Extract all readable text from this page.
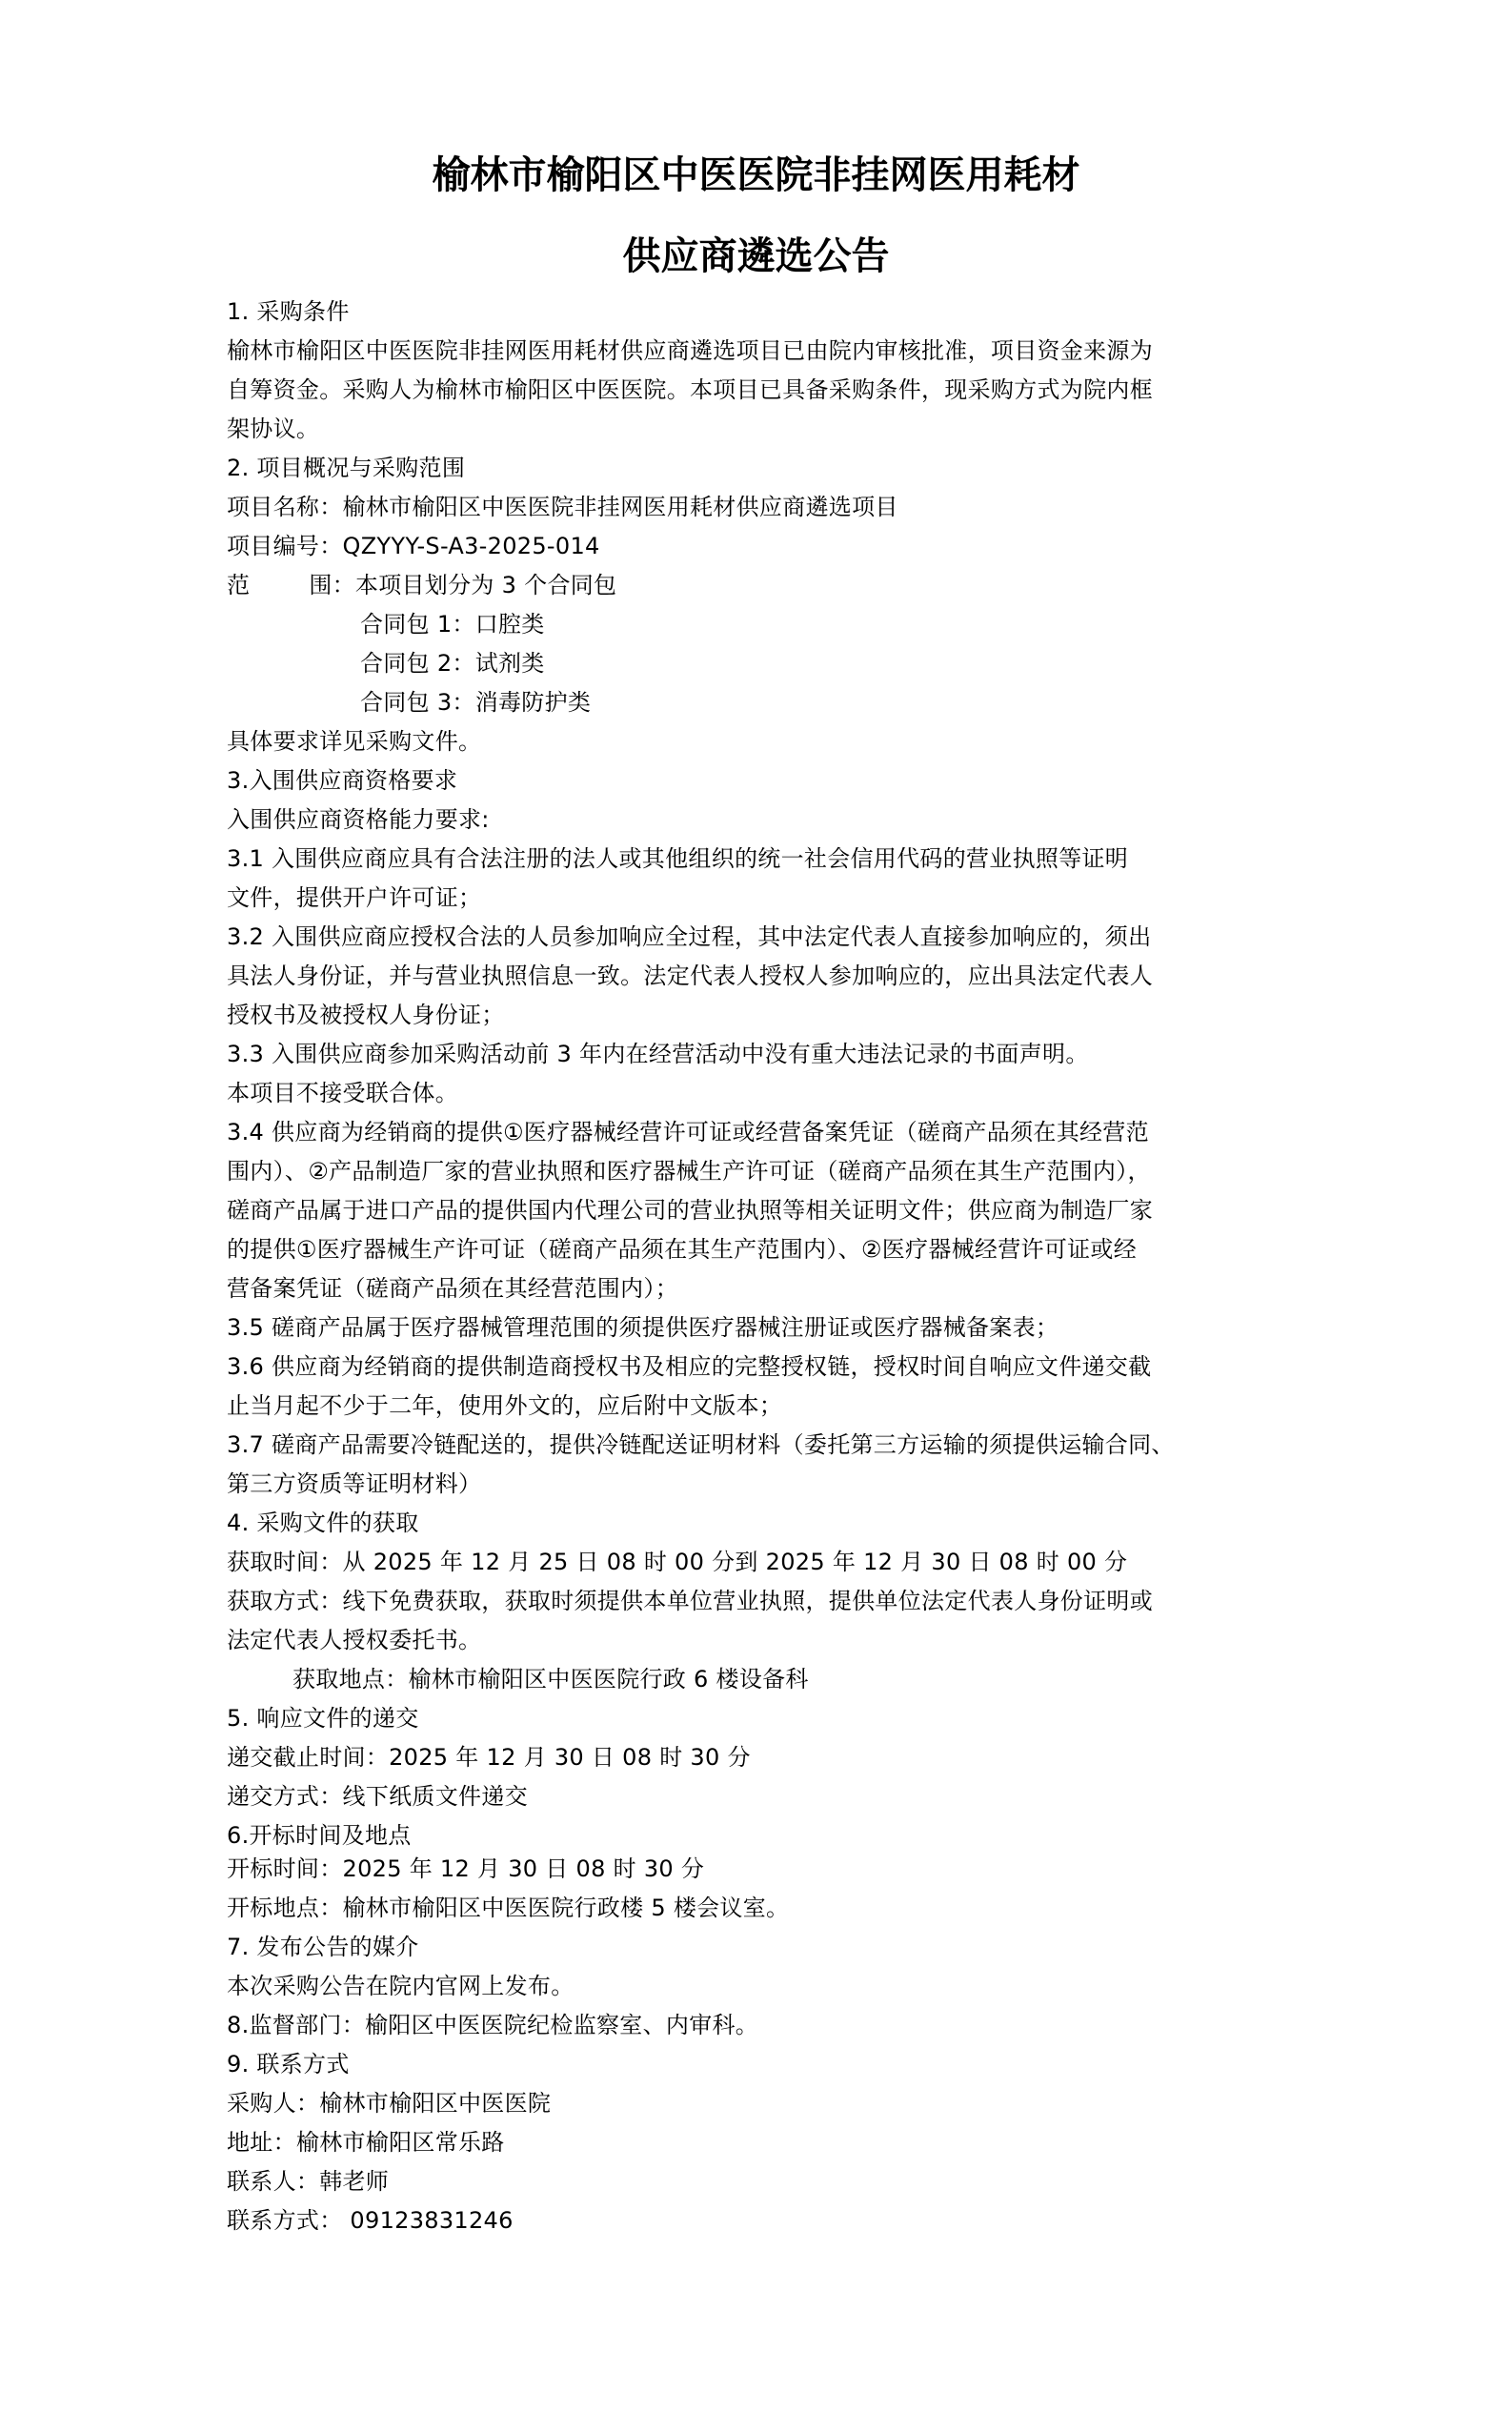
榆林市榆阳区中医医院非挂网医用耗材
供应商遴选公告
1. 采购条件
榆林市榆阳区中医医院非挂网医用耗材供应商遴选项目已由院内审核批准，项目资金来源为
自筹资金。采购人为榆林市榆阳区中医医院。本项目已具备采购条件，现采购方式为院内框
架协议。
2. 项目概况与采购范围
项目名称：榆林市榆阳区中医医院非挂网医用耗材供应商遴选项目
项目编号：QZYYY-S-A3-2025-014
范	围：本项目划分为 3 个合同包
合同包 1：口腔类
合同包 2：试剂类
合同包 3：消毒防护类
具体要求详见采购文件。
3.入围供应商资格要求
入围供应商资格能力要求:
3.1 入围供应商应具有合法注册的法人或其他组织的统一社会信用代码的营业执照等证明
文件，提供开户许可证；
3.2 入围供应商应授权合法的人员参加响应全过程，其中法定代表人直接参加响应的，须出
具法人身份证，并与营业执照信息一致。法定代表人授权人参加响应的，应出具法定代表人
授权书及被授权人身份证；
3.3 入围供应商参加采购活动前 3 年内在经营活动中没有重大违法记录的书面声明。
本项目不接受联合体。
3.4 供应商为经销商的提供①医疗器械经营许可证或经营备案凭证（磋商产品须在其经营范
围内）、②产品制造厂家的营业执照和医疗器械生产许可证（磋商产品须在其生产范围内），
磋商产品属于进口产品的提供国内代理公司的营业执照等相关证明文件；供应商为制造厂家
的提供①医疗器械生产许可证（磋商产品须在其生产范围内）、②医疗器械经营许可证或经
营备案凭证（磋商产品须在其经营范围内）；
3.5 磋商产品属于医疗器械管理范围的须提供医疗器械注册证或医疗器械备案表；
3.6 供应商为经销商的提供制造商授权书及相应的完整授权链，授权时间自响应文件递交截
止当月起不少于二年，使用外文的，应后附中文版本；
3.7 磋商产品需要冷链配送的，提供冷链配送证明材料（委托第三方运输的须提供运输合同、
第三方资质等证明材料）
4. 采购文件的获取
获取时间：从 2025 年 12 月 25 日 08 时 00 分到 2025 年 12 月 30 日 08 时 00 分
获取方式：线下免费获取，获取时须提供本单位营业执照，提供单位法定代表人身份证明或
法定代表人授权委托书。
获取地点：榆林市榆阳区中医医院行政 6 楼设备科
5. 响应文件的递交
递交截止时间：2025 年 12 月 30 日 08 时 30 分
递交方式：线下纸质文件递交
6.开标时间及地点
开标时间：2025 年 12 月 30 日 08 时 30 分
开标地点：榆林市榆阳区中医医院行政楼 5 楼会议室。
7. 发布公告的媒介
本次采购公告在院内官网上发布。
8.监督部门：榆阳区中医医院纪检监察室、内审科。
9. 联系方式
采购人：榆林市榆阳区中医医院
地址：榆林市榆阳区常乐路
联系人：韩老师
联系方式： 09123831246
